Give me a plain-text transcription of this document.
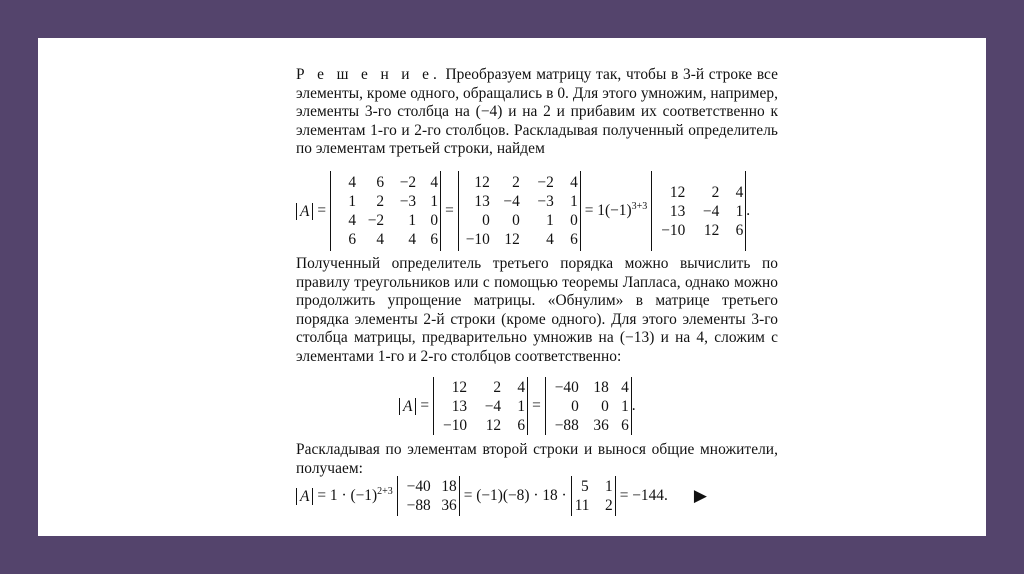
Р е ш е н и е. Преобразуем матрицу так, чтобы в 3-й строке все элементы, кроме одного, обращались в 0. Для этого умножим, например, элементы 3-го столбца на (−4) и на 2 и прибавим их соответственно к элементам 1-го и 2-го столбцов. Раскладывая полученный определитель по элементам третьей строки, найдем

A =
4	6	−2 4
1	2	−3 1
4 −2	1 0
6	4	4 6
=
12	2	−2	4
13 −4	−3	1
0	0	1	0
−10 12	4	6
= $1(-1)^{3+3}$
12	2	4
13	−4	1
−10	12	6
.

Полученный определитель третьего порядка можно вычислить по правилу треугольников или с помощью теоремы Лапласа, однако можно продолжить упрощение матрицы. «Обнулим» в матрице третьего порядка элементы 2-й строки (кроме одного). Для этого элементы 3-го столбца матрицы, предварительно умножив на (−13) и на 4, сложим с элементами 1-го и 2-го столбцов соответственно:

A =
12	2	4
13	−4	1
−10	12	6
=
−40 18 4
0	0 1
−88 36 6
.

Раскладывая по элементам второй строки и вынося общие множители, получаем:

$A = 1 \cdot (-1)^{2+3} -40$ 18
−88 36
= (−1)(−8) · 18 ·
5	1
11	2
= −144. ▶
